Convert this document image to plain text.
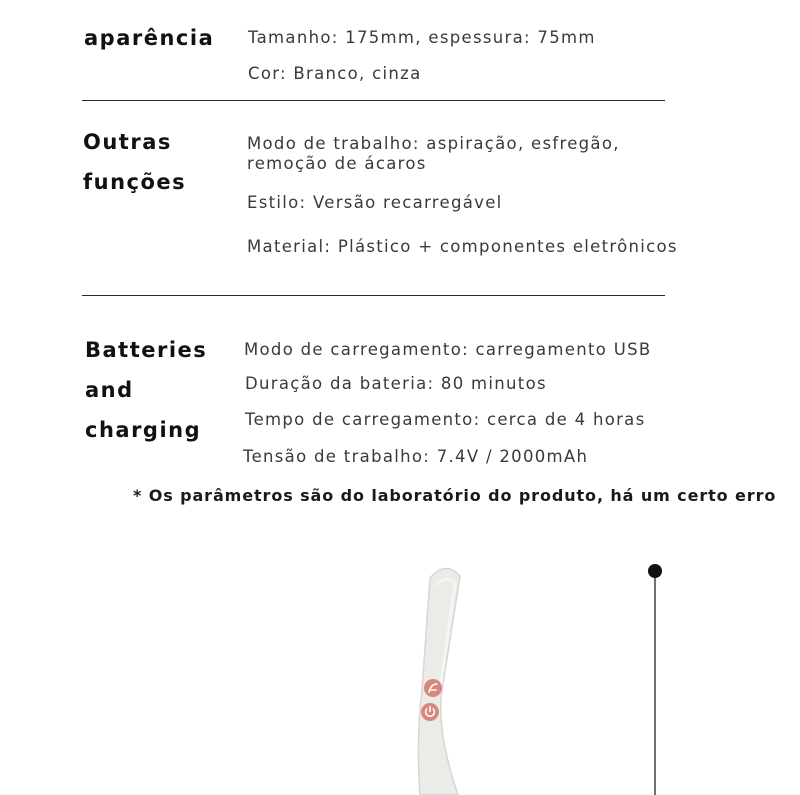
aparência Tamanho: 175mm, espessura: 75mm

Cor: Branco, cinza

Outras
funções

Modo de trabalho: aspiração, esfregão,

remoção de ácaros

Estilo: Versão recarregável

Material: Plástico + componentes eletrônicos

Batteries
and
charging

Modo de carregamento: carregamento USB

Duração da bateria: 80 minutos

Tempo de carregamento: cerca de 4 horas

Tensão de trabalho: 7.4V / 2000mAh

* Os parâmetros são do laboratório do produto, há um certo erro
